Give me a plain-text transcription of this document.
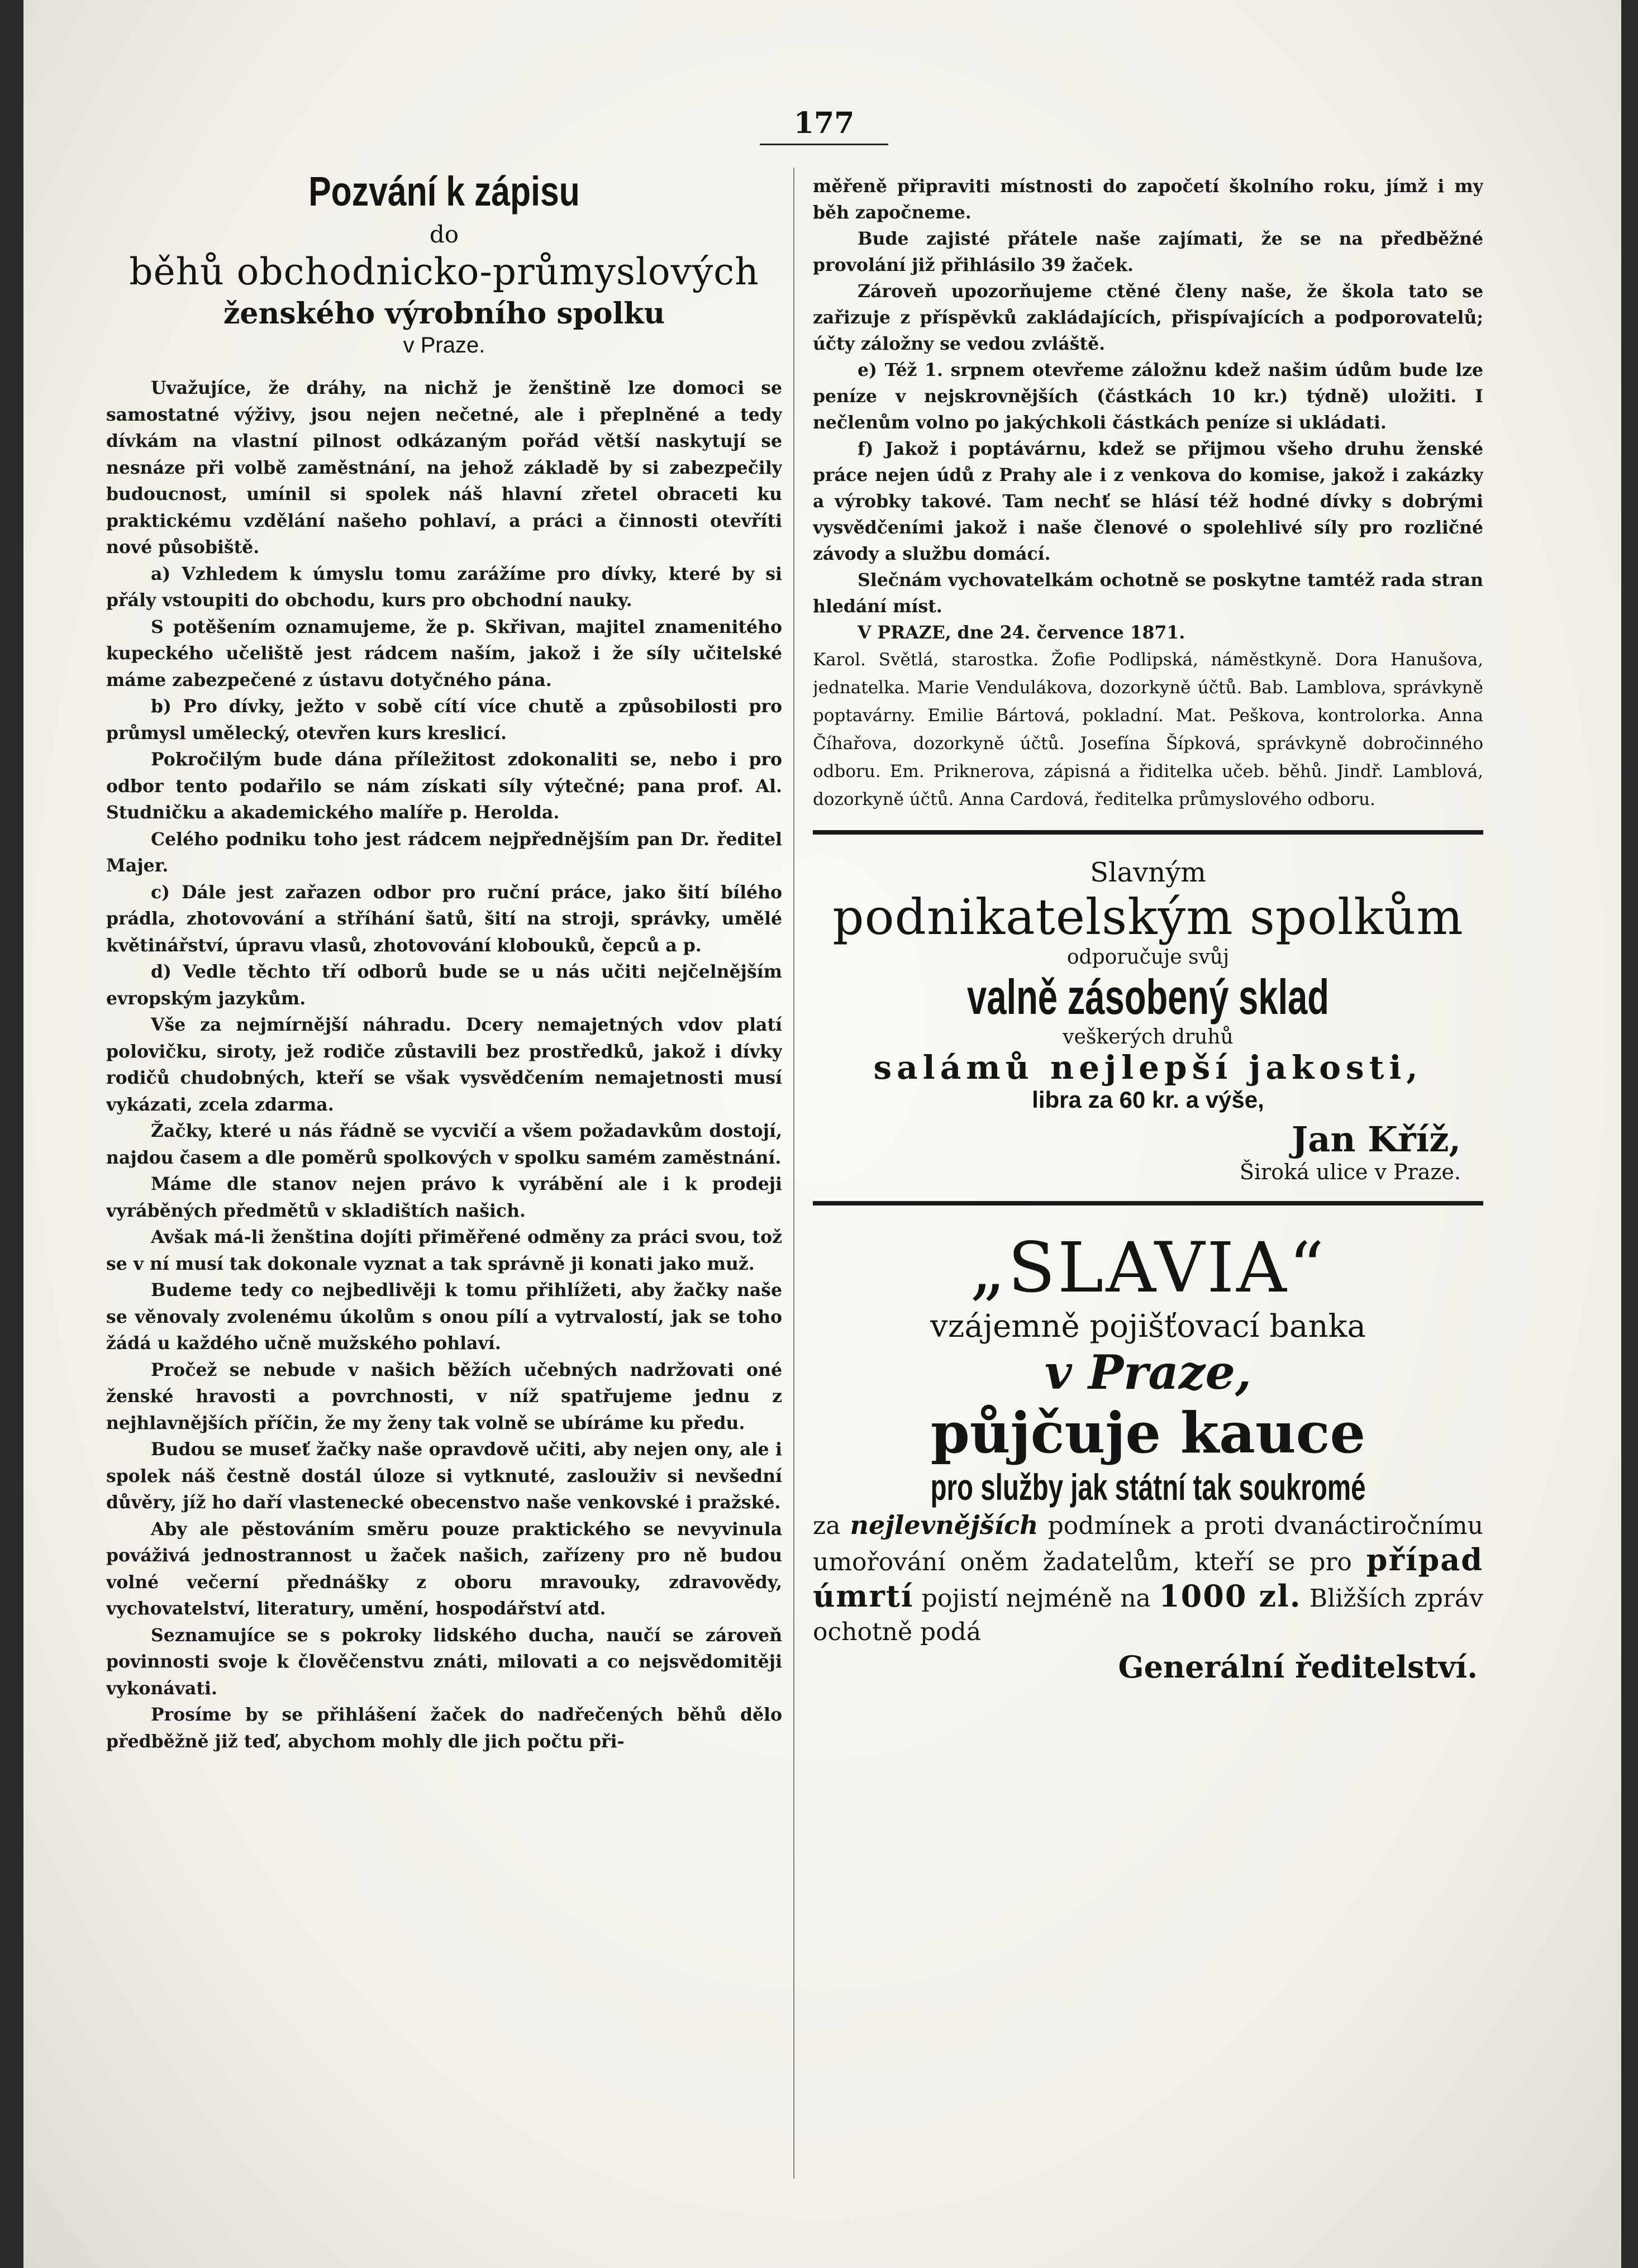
177

Pozvání k zápisu

do

běhů obchodnicko-průmyslových

ženského výrobního spolku

v Praze.

Uvažujíce, že dráhy, na nichž je ženštině lze domoci se samostatné výživy, jsou nejen nečetné, ale i přeplněné a tedy dívkám na vlastní pilnost odkázaným pořád větší naskytují se nesnáze při volbě zaměstnání, na jehož základě by si zabezpečily budoucnost, umínil si spolek náš hlavní zřetel obraceti ku praktickému vzdělání našeho pohlaví, a práci a činnosti otevříti nové působiště.

a) Vzhledem k úmyslu tomu zarážíme pro dívky, které by si přály vstoupiti do obchodu, kurs pro obchodní nauky.

S potěšením oznamujeme, že p. Skřivan, majitel znamenitého kupeckého učeliště jest rádcem naším, jakož i že síly učitelské máme zabezpečené z ústavu dotyčného pána.

b) Pro dívky, ježto v sobě cítí více chutě a způsobilosti pro průmysl umělecký, otevřen kurs kreslicí.

Pokročilým bude dána příležitost zdokonaliti se, nebo i pro odbor tento podařilo se nám získati síly výtečné; pana prof. Al. Studničku a akademického malíře p. Herolda.

Celého podniku toho jest rádcem nejpřednějším pan Dr. ředitel Majer.

c) Dále jest zařazen odbor pro ruční práce, jako šití bílého prádla, zhotovování a stříhání šatů, šití na stroji, správky, umělé květinářství, úpravu vlasů, zhotovování klobouků, čepců a p.

d) Vedle těchto tří odborů bude se u nás učiti nejčelnějším evropským jazykům.

Vše za nejmírnější náhradu. Dcery nemajetných vdov platí polovičku, siroty, jež rodiče zůstavili bez prostředků, jakož i dívky rodičů chudobných, kteří se však vysvědčením nemajetnosti musí vykázati, zcela zdarma.

Žačky, které u nás řádně se vycvičí a všem požadavkům dostojí, najdou časem a dle poměrů spolkových v spolku samém zaměstnání.

Máme dle stanov nejen právo k vyrábění ale i k prodeji vyráběných předmětů v skladištích našich.

Avšak má-li ženština dojíti přiměřené odměny za práci svou, tož se v ní musí tak dokonale vyznat a tak správně ji konati jako muž.

Budeme tedy co nejbedlivěji k tomu přihlížeti, aby žačky naše se věnovaly zvolenému úkolům s onou pílí a vytrvalostí, jak se toho žádá u každého učně mužského pohlaví.

Pročež se nebude v našich běžích učebných nadržovati oné ženské hravosti a povrchnosti, v níž spatřujeme jednu z nejhlavnějších příčin, že my ženy tak volně se ubíráme ku předu.

Budou se museť žačky naše opravdově učiti, aby nejen ony, ale i spolek náš čestně dostál úloze si vytknuté, zaslouživ si nevšední důvěry, jíž ho daří vlastenecké obecenstvo naše venkovské i pražské.

Aby ale pěstováním směru pouze praktického se nevyvinula pováživá jednostrannost u žaček našich, zařízeny pro ně budou volné večerní přednášky z oboru mravouky, zdravovědy, vychovatelství, literatury, umění, hospodářství atd.

Seznamujíce se s pokroky lidského ducha, naučí se zároveň povinnosti svoje k člověčenstvu znáti, milovati a co nejsvědomitěji vykonávati.

Prosíme by se přihlášení žaček do nadřečených běhů dělo předběžně již teď, abychom mohly dle jich počtu při-

měřeně připraviti místnosti do započetí školního roku, jímž i my běh započneme.

Bude zajisté přátele naše zajímati, že se na předběžné provolání již přihlásilo 39 žaček.

Zároveň upozorňujeme ctěné členy naše, že škola tato se zařizuje z příspěvků zakládajících, přispívajících a podporovatelů; účty záložny se vedou zvláště.

e) Též 1. srpnem otevřeme záložnu kdež našim údům bude lze peníze v nejskrovnějších (částkách 10 kr.) týdně) uložiti. I nečlenům volno po jakýchkoli částkách peníze si ukládati.

f) Jakož i poptávárnu, kdež se přijmou všeho druhu ženské práce nejen údů z Prahy ale i z venkova do komise, jakož i zakázky a výrobky takové. Tam nechť se hlásí též hodné dívky s dobrými vysvědčeními jakož i naše členové o spolehlivé síly pro rozličné závody a službu domácí.

Slečnám vychovatelkám ochotně se poskytne tamtéž rada stran hledání míst.

V PRAZE, dne 24. července 1871.

Karol. Světlá, starostka. Žofie Podlipská, náměstkyně. Dora Hanušova, jednatelka. Marie Vendulákova, dozorkyně účtů. Bab. Lamblova, správkyně poptavárny. Emilie Bártová, pokladní. Mat. Peškova, kontrolorka. Anna Číhařova, dozorkyně účtů. Josefína Šípková, správkyně dobročinného odboru. Em. Priknerova, zápisná a řiditelka učeb. běhů. Jindř. Lamblová, dozorkyně účtů. Anna Cardová, ředitelka průmyslového odboru.

Slavným

podnikatelským spolkům

odporučuje svůj

valně zásobený sklad

veškerých druhů

salámů nejlepší jakosti,

libra za 60 kr. a výše,

Jan Kříž,

Široká ulice v Praze.

„SLAVIA“

vzájemně pojišťovací banka

v Praze,

půjčuje kauce

pro služby jak státní tak soukromé

za nejlevnějších podmínek a proti dvanáctiročnímu umořování oněm žadatelům, kteří se pro případ úmrtí pojistí nejméně na 1000 zl. Bližších zpráv ochotně podá

Generální ředitelství.
